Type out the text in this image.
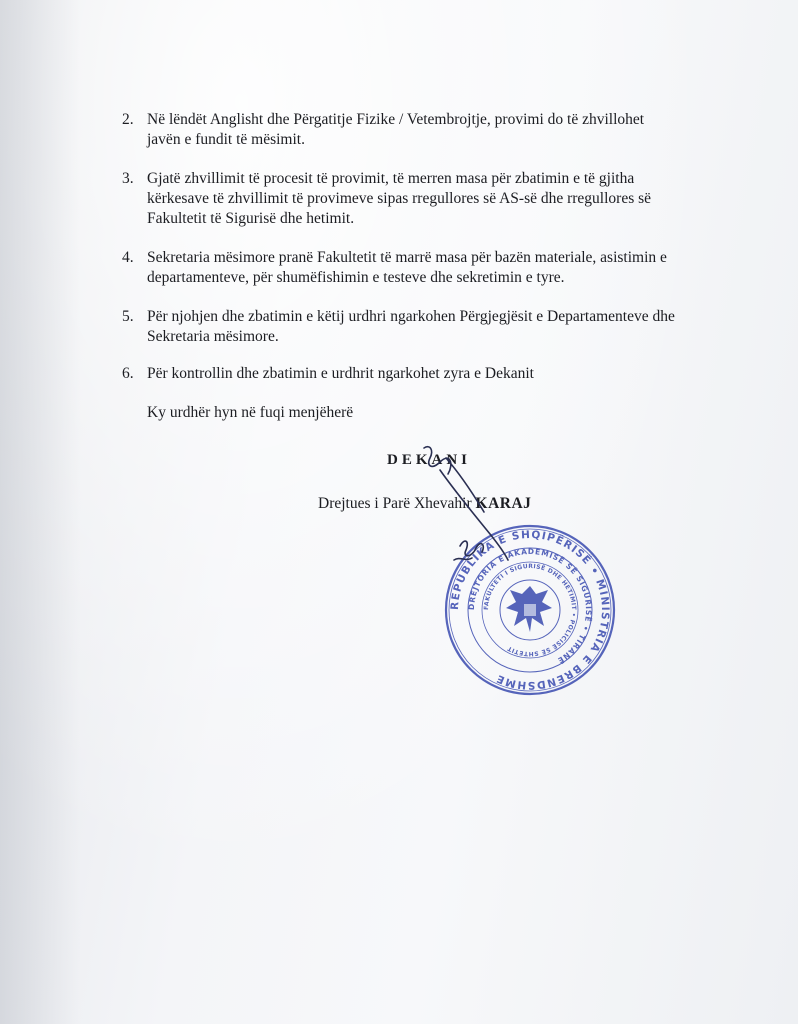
2. Në lëndët Anglisht dhe Përgatitje Fizike / Vetembrojtje, provimi do të zhvillohet
javën e fundit të mësimit.
3. Gjatë zhvillimit të procesit të provimit, të merren masa për zbatimin e të gjitha
kërkesave të zhvillimit të provimeve sipas rregullores së AS-së dhe rregullores së
Fakultetit të Sigurisë dhe hetimit.
4. Sekretaria mësimore pranë Fakultetit të marrë masa për bazën materiale, asistimin e
departamenteve, për shumëfishimin e testeve dhe sekretimin e tyre.
5. Për njohjen dhe zbatimin e këtij urdhri ngarkohen Përgjegjësit e Departamenteve dhe
Sekretaria mësimore.
6. Për kontrollin dhe zbatimin e urdhrit ngarkohet zyra e Dekanit
Ky urdhër hyn në fuqi menjëherë
DEKANI
Drejtues i Parë Xhevahir KARAJ
REPUBLIKA E SHQIPËRISË • MINISTRIA E BRENDSHME
DREJTORIA E AKADEMISË SË SIGURISË • TIRANË
FAKULTETI I SIGURISË DHE HETIMIT • POLICISË SË SHTETIT
